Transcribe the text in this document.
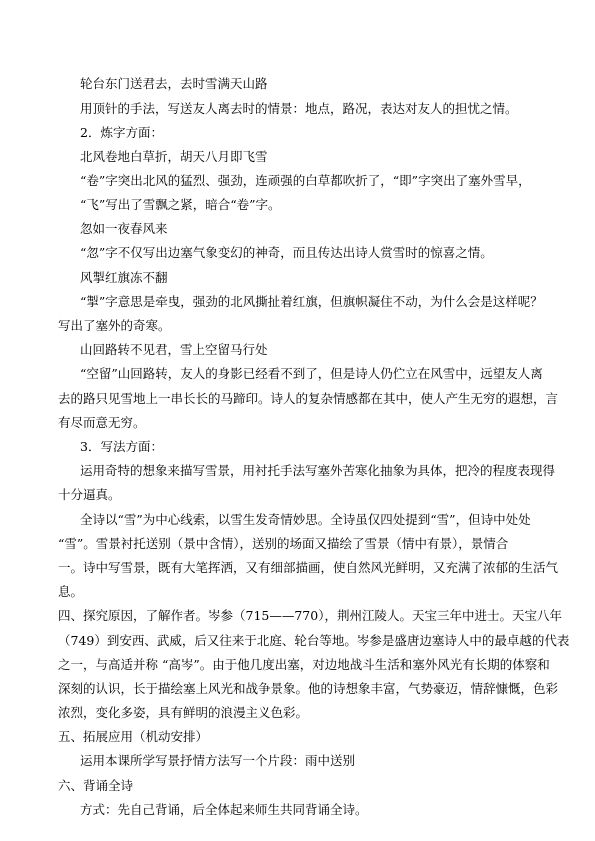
轮台东门送君去，去时雪满天山路
用顶针的手法，写送友人离去时的情景：地点，路况，表达对友人的担忧之情。
2．炼字方面：
北风卷地白草折，胡天八月即飞雪
“卷”字突出北风的猛烈、强劲，连顽强的白草都吹折了，“即”字突出了塞外雪早，
“飞”写出了雪飘之紧，暗合“卷”字。
忽如一夜春风来
“忽”字不仅写出边塞气象变幻的神奇，而且传达出诗人赏雪时的惊喜之情。
风掣红旗冻不翻
“掣”字意思是牵曳，强劲的北风撕扯着红旗，但旗帜凝住不动，为什么会是这样呢？
写出了塞外的奇寒。
山回路转不见君，雪上空留马行处
“空留”山回路转，友人的身影已经看不到了，但是诗人仍伫立在风雪中，远望友人离
去的路只见雪地上一串长长的马蹄印。诗人的复杂情感都在其中，使人产生无穷的遐想，言
有尽而意无穷。
3．写法方面：
运用奇特的想象来描写雪景，用衬托手法写塞外苦寒化抽象为具体，把冷的程度表现得
十分逼真。
全诗以“雪”为中心线索，以雪生发奇情妙思。全诗虽仅四处提到“雪”，但诗中处处
“雪”。雪景衬托送别（景中含情），送别的场面又描绘了雪景（情中有景），景情合
一。诗中写雪景，既有大笔挥洒，又有细部描画，使自然风光鲜明，又充满了浓郁的生活气
息。
四、探究原因，了解作者。岑参（715——770），荆州江陵人。天宝三年中进士。天宝八年
（749）到安西、武威，后又往来于北庭、轮台等地。岑参是盛唐边塞诗人中的最卓越的代表
之一，与高适并称 “高岑”。由于他几度出塞，对边地战斗生活和塞外风光有长期的体察和
深刻的认识，长于描绘塞上风光和战争景象。他的诗想象丰富，气势豪迈，情辞慷慨，色彩
浓烈，变化多姿，具有鲜明的浪漫主义色彩。
五、拓展应用（机动安排）
运用本课所学写景抒情方法写一个片段：雨中送别
六、背诵全诗
方式：先自己背诵，后全体起来师生共同背诵全诗。
